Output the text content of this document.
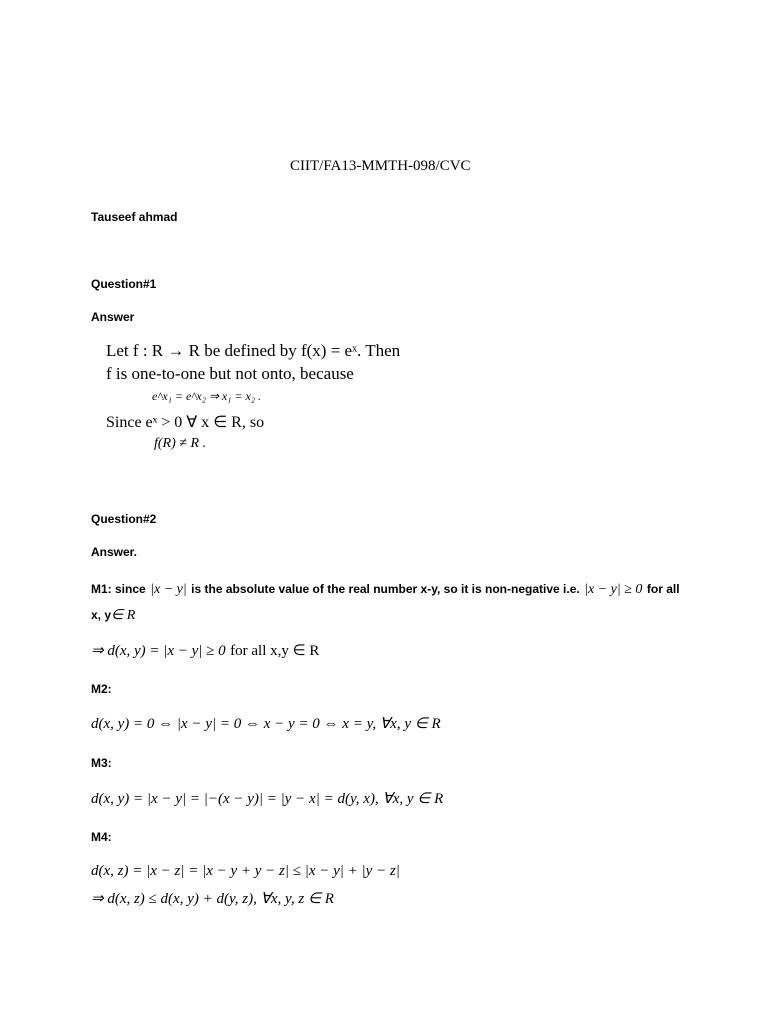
CIIT/FA13-MMTH-098/CVC
Tauseef ahmad
Question#1
Answer
Let f : R → R be defined by f(x) = eˣ. Then
f is one-to-one but not onto, because
e^x₁ = e^x₂ ⇒ x₁ = x₂ .
Since eˣ > 0 ∀ x ∈ R, so
f(R) ≠ R .
Question#2
Answer.
M1: since |x − y| is the absolute value of the real number x-y, so it is non-negative i.e. |x − y| ≥ 0 for all
x, y∈ R
⇒ d(x, y) = |x − y| ≥ 0 for all x,y ∈ R
M2:
d(x, y) = 0 ⇔ |x − y| = 0 ⇔ x − y = 0 ⇔ x = y, ∀x, y ∈ R
M3:
d(x, y) = |x − y| = |−(x − y)| = |y − x| = d(y, x), ∀x, y ∈ R
M4:
d(x, z) = |x − z| = |x − y + y − z| ≤ |x − y| + |y − z|
⇒ d(x, z) ≤ d(x, y) + d(y, z), ∀x, y, z ∈ R
